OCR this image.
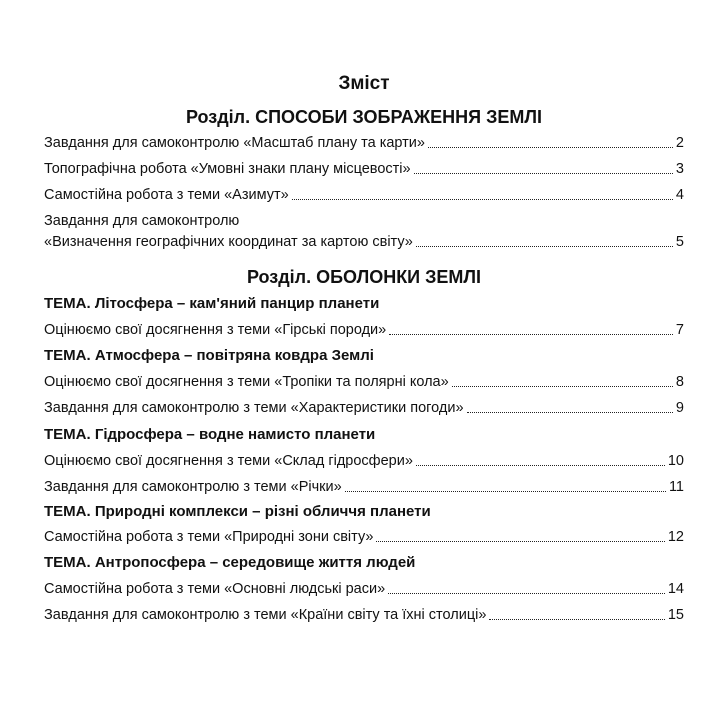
Зміст
Розділ. СПОСОБИ ЗОБРАЖЕННЯ ЗЕМЛІ
Завдання для самоконтролю «Масштаб плану та карти»	2
Топографічна робота «Умовні знаки плану місцевості»	3
Самостійна робота з теми «Азимут»	4
Завдання для самоконтролю
«Визначення географічних координат за картою світу»	5
Розділ. ОБОЛОНКИ ЗЕМЛІ
ТЕМА. Літосфера – кам'яний панцир планети
Оцінюємо свої досягнення з теми «Гірські породи»	7
ТЕМА. Атмосфера – повітряна ковдра Землі
Оцінюємо свої досягнення з теми «Тропіки та полярні кола»	8
Завдання для самоконтролю з теми «Характеристики погоди»	9
ТЕМА. Гідросфера – водне намисто планети
Оцінюємо свої досягнення з теми «Склад гідросфери»	10
Завдання для самоконтролю з теми «Річки»	11
ТЕМА. Природні комплекси – різні обличчя планети
Самостійна робота з теми «Природні зони світу»	12
ТЕМА. Антропосфера – середовище життя людей
Самостійна робота з теми «Основні людські раси»	14
Завдання для самоконтролю з теми «Країни світу та їхні столиці»	15
